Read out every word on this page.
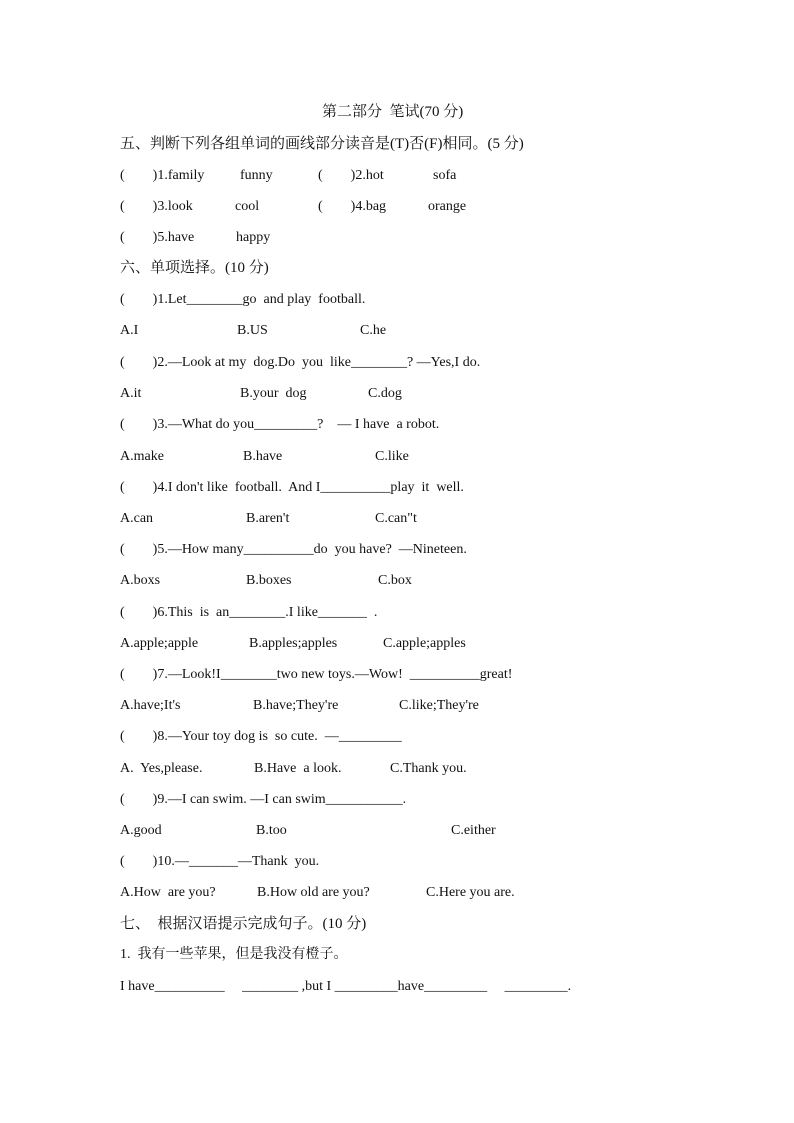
第二部分  笔试(70 分)
五、判断下列各组单词的画线部分读音是(T)否(F)相同。(5 分)
(        )1.family	funny	(        )2.hot	sofa
(        )3.look	cool	(        )4.bag	orange
(        )5.have	happy
六、单项选择。(10 分)
(        )1.Let________go  and play  football.
A.I	B.US	C.he
(        )2.—Look at my  dog.Do  you  like________? —Yes,I do.
A.it	B.your  dog	C.dog
(        )3.—What do you_________?    — I have  a robot.
A.make	B.have	C.like
(        )4.I don't like  football.  And I__________play  it  well.
A.can	B.aren't	C.can"t
(        )5.—How many__________do  you have?  —Nineteen.
A.boxs	B.boxes	C.box
(        )6.This  is  an________.I like_______  .
A.apple;apple	B.apples;apples	C.apple;apples
(        )7.—Look!I________two new toys.—Wow!  __________great!
A.have;It's	B.have;They're	C.like;They're
(        )8.—Your toy dog is  so cute.  —_________
A.  Yes,please.	B.Have  a look.	C.Thank you.
(        )9.—I can swim. —I can swim___________.
A.good	B.too	C.either
(        )10.—_______—Thank  you.
A.How  are you?	B.How old are you?	C.Here you are.
七、  根据汉语提示完成句子。(10 分)
1.  我有一些苹果，但是我没有橙子。
I have__________     ________ ,but I _________have_________     _________.
